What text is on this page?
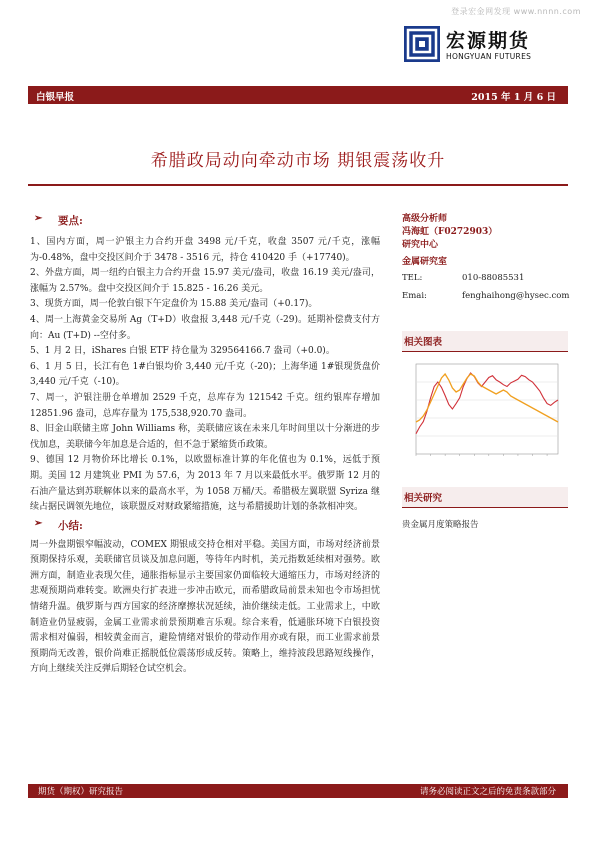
登录宏金网发现 www.nnnn.com
宏源期货
HONGYUAN FUTURES
白银早报	2015 年 1 月 6 日
希腊政局动向牵动市场 期银震荡收升
➢ 要点:

1、国内方面，周一沪银主力合约开盘 3498 元/千克，收盘 3507 元/千克，涨幅为-0.48%，盘中交投区间介于 3478 - 3516 元，持仓 410420 手（+17740)。

2、外盘方面，周一纽约白银主力合约开盘 15.97 美元/盎司，收盘 16.19 美元/盎司，涨幅为 2.57%。盘中交投区间介于 15.825 - 16.26 美元。

3、现货方面，周一伦敦白银下午定盘价为 15.88 美元/盎司（+0.17)。

4、周一上海黄金交易所 Ag（T+D）收盘报 3,448 元/千克（-29)。延期补偿费支付方向：Au (T+D) --空付多。

5、1 月 2 日，iShares 白银 ETF 持仓量为 329564166.7 盎司（+0.0)。

6、1 月 5 日，长江有色 1#白银均价 3,440 元/千克（-20)；上海华通 1#银现货盘价 3,440 元/千克（-10)。

7、周一，沪银注册仓单增加 2529 千克，总库存为 121542 千克。纽约银库存增加 12851.96 盎司，总库存量为 175,538,920.70 盎司。

8、旧金山联储主席 John Williams 称，美联储应该在未来几年时间里以十分渐进的步伐加息，美联储今年加息是合适的，但不急于紧缩货币政策。

9、德国 12 月物价环比增长 0.1%，以欧盟标准计算的年化值也为 0.1%，远低于预期。美国 12 月建筑业 PMI 为 57.6，为 2013 年 7 月以来最低水平。俄罗斯 12 月的石油产量达到苏联解体以来的最高水平，为 1058 万桶/天。希腊极左翼联盟 Syriza 继续占据民调领先地位，该联盟反对财政紧缩措施，这与希腊援助计划的条款相冲突。

➢ 小结:
周一外盘期银窄幅波动，COMEX 期银成交持仓相对平稳。美国方面，市场对经济前景预期保持乐观，美联储官员谈及加息问题，等待年内时机，美元指数延续相对强势。欧洲方面，制造业表现欠佳，通胀指标显示主要国家仍面临较大通缩压力，市场对经济的悲观预期尚难转变。欧洲央行扩表进一步冲击欧元，而希腊政局前景未知也令市场担忧情绪升温。俄罗斯与西方国家的经济摩擦状况延续，油价继续走低。工业需求上，中欧制造业仍显疲弱，金属工业需求前景预期难言乐观。综合来看，低通胀环境下白银投资需求相对偏弱，相较黄金而言，避险情绪对银价的带动作用亦或有限，而工业需求前景预期尚无改善，银价尚难正摇脱低位震荡形成反转。策略上，维持波段思路短线操作，方向上继续关注反弹后期轻仓试空机会。
高级分析师
冯海虹（F0272903）
研究中心
金属研究室
TEL:	010-88085531
Emai:	fenghaihong@hysec.com
相关图表
相关研究
贵金属月度策略报告
期货（期权）研究报告	请务必阅读正文之后的免责条款部分
